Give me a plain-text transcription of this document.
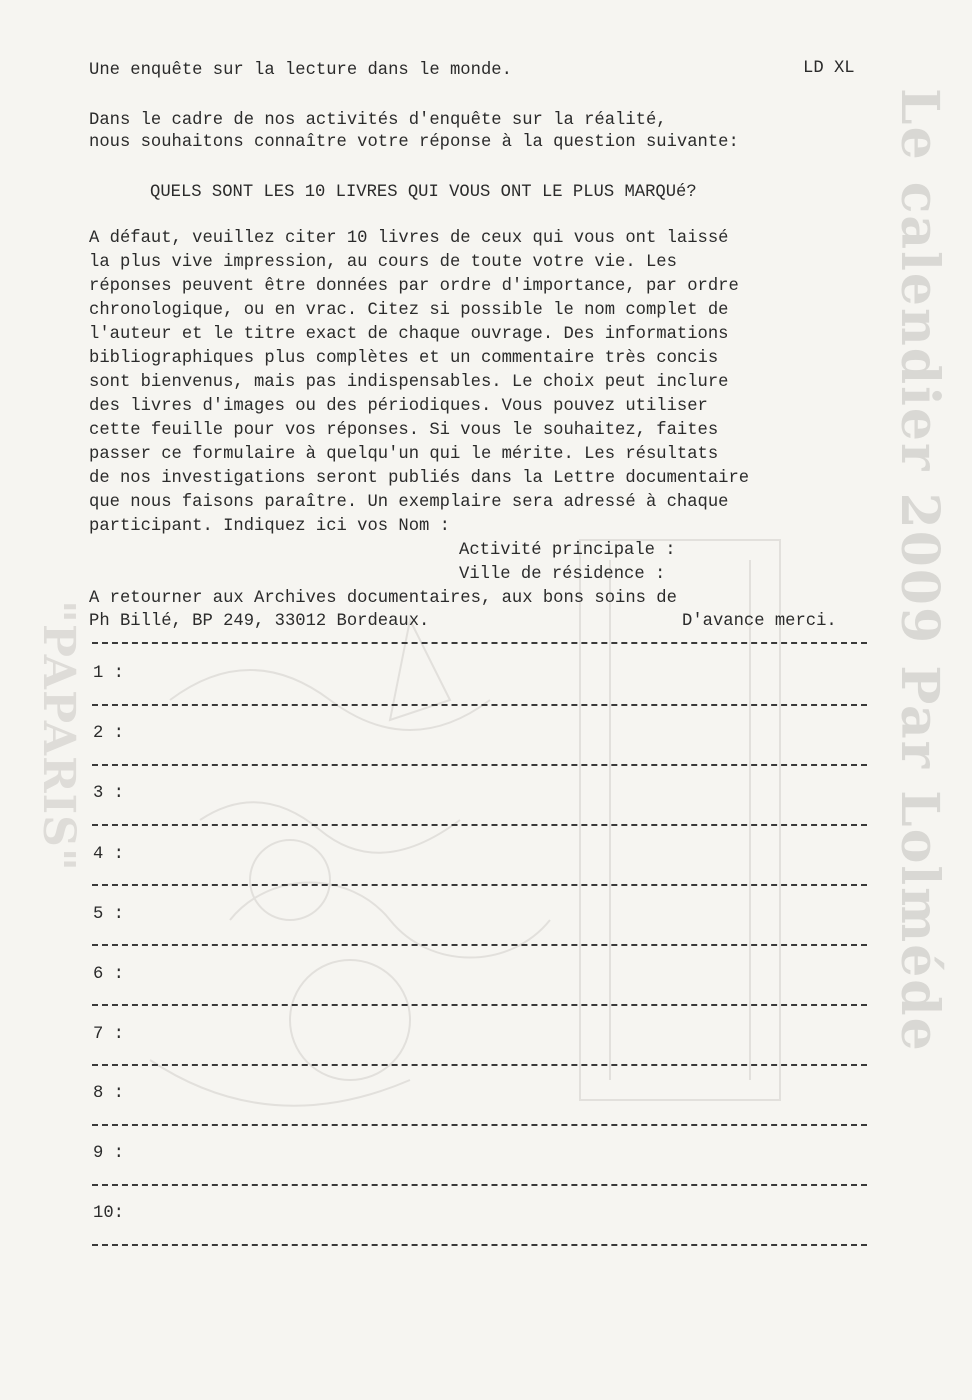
Le calendier 2009 Par Lolméde
"PAPARIS"
Une enquête sur la lecture dans le monde.	LD XL
Dans le cadre de nos activités d'enquête sur la réalité,
nous souhaitons connaître votre réponse à la question suivante:
QUELS SONT LES 10 LIVRES QUI VOUS ONT LE PLUS MARQUé?
A défaut, veuillez citer 10 livres de ceux qui vous ont laissé
la plus vive impression, au cours de toute votre vie. Les
réponses peuvent être données par ordre d'importance, par ordre
chronologique, ou en vrac. Citez si possible le nom complet de
l'auteur et le titre exact de chaque ouvrage. Des informations
bibliographiques plus complètes et un commentaire très concis
sont bienvenus, mais pas indispensables. Le choix peut inclure
des livres d'images ou des périodiques. Vous pouvez utiliser
cette feuille pour vos réponses. Si vous le souhaitez, faites
passer ce formulaire à quelqu'un qui le mérite. Les résultats
de nos investigations seront publiés dans la Lettre documentaire
que nous faisons paraître. Un exemplaire sera adressé à chaque
participant. Indiquez ici vos Nom :
Activité principale :
Ville de résidence :
A retourner aux Archives documentaires, aux bons soins de
Ph Billé, BP 249, 33012 Bordeaux.	D'avance merci.
1 :
2 :
3 :
4 :
5 :
6 :
7 :
8 :
9 :
10:
